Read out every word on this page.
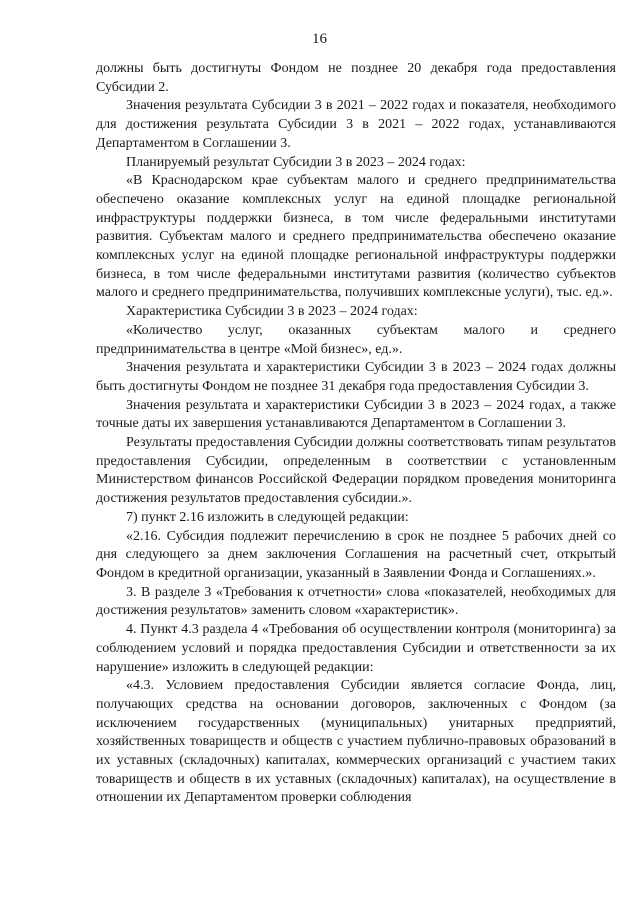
16

должны быть достигнуты Фондом не позднее 20 декабря года предоставления Субсидии 2.

Значения результата Субсидии 3 в 2021 – 2022 годах и показателя, необходимого для достижения результата Субсидии 3 в 2021 – 2022 годах, устанавливаются Департаментом в Соглашении 3.

Планируемый результат Субсидии 3 в 2023 – 2024 годах:

«В Краснодарском крае субъектам малого и среднего предпринимательства обеспечено оказание комплексных услуг на единой площадке региональной инфраструктуры поддержки бизнеса, в том числе федеральными институтами развития. Субъектам малого и среднего предпринимательства обеспечено оказание комплексных услуг на единой площадке региональной инфраструктуры поддержки бизнеса, в том числе федеральными институтами развития (количество субъектов малого и среднего предпринимательства, получивших комплексные услуги), тыс. ед.».

Характеристика Субсидии 3 в 2023 – 2024 годах:

«Количество услуг, оказанных субъектам малого и среднего предпринимательства в центре «Мой бизнес», ед.».

Значения результата и характеристики Субсидии 3 в 2023 – 2024 годах должны быть достигнуты Фондом не позднее 31 декабря года предоставления Субсидии 3.

Значения результата и характеристики Субсидии 3 в 2023 – 2024 годах, а также точные даты их завершения устанавливаются Департаментом в Соглашении 3.

Результаты предоставления Субсидии должны соответствовать типам результатов предоставления Субсидии, определенным в соответствии с установленным Министерством финансов Российской Федерации порядком проведения мониторинга достижения результатов предоставления субсидии.».

7) пункт 2.16 изложить в следующей редакции:

«2.16. Субсидия подлежит перечислению в срок не позднее 5 рабочих дней со дня следующего за днем заключения Соглашения на расчетный счет, открытый Фондом в кредитной организации, указанный в Заявлении Фонда и Соглашениях.».

3. В разделе 3 «Требования к отчетности» слова «показателей, необходимых для достижения результатов» заменить словом «характеристик».

4. Пункт 4.3 раздела 4 «Требования об осуществлении контроля (мониторинга) за соблюдением условий и порядка предоставления Субсидии и ответственности за их нарушение» изложить в следующей редакции:

«4.3. Условием предоставления Субсидии является согласие Фонда, лиц, получающих средства на основании договоров, заключенных с Фондом (за исключением государственных (муниципальных) унитарных предприятий, хозяйственных товариществ и обществ с участием публично-правовых образований в их уставных (складочных) капиталах, коммерческих организаций с участием таких товариществ и обществ в их уставных (складочных) капиталах), на осуществление в отношении их Департаментом проверки соблюдения
